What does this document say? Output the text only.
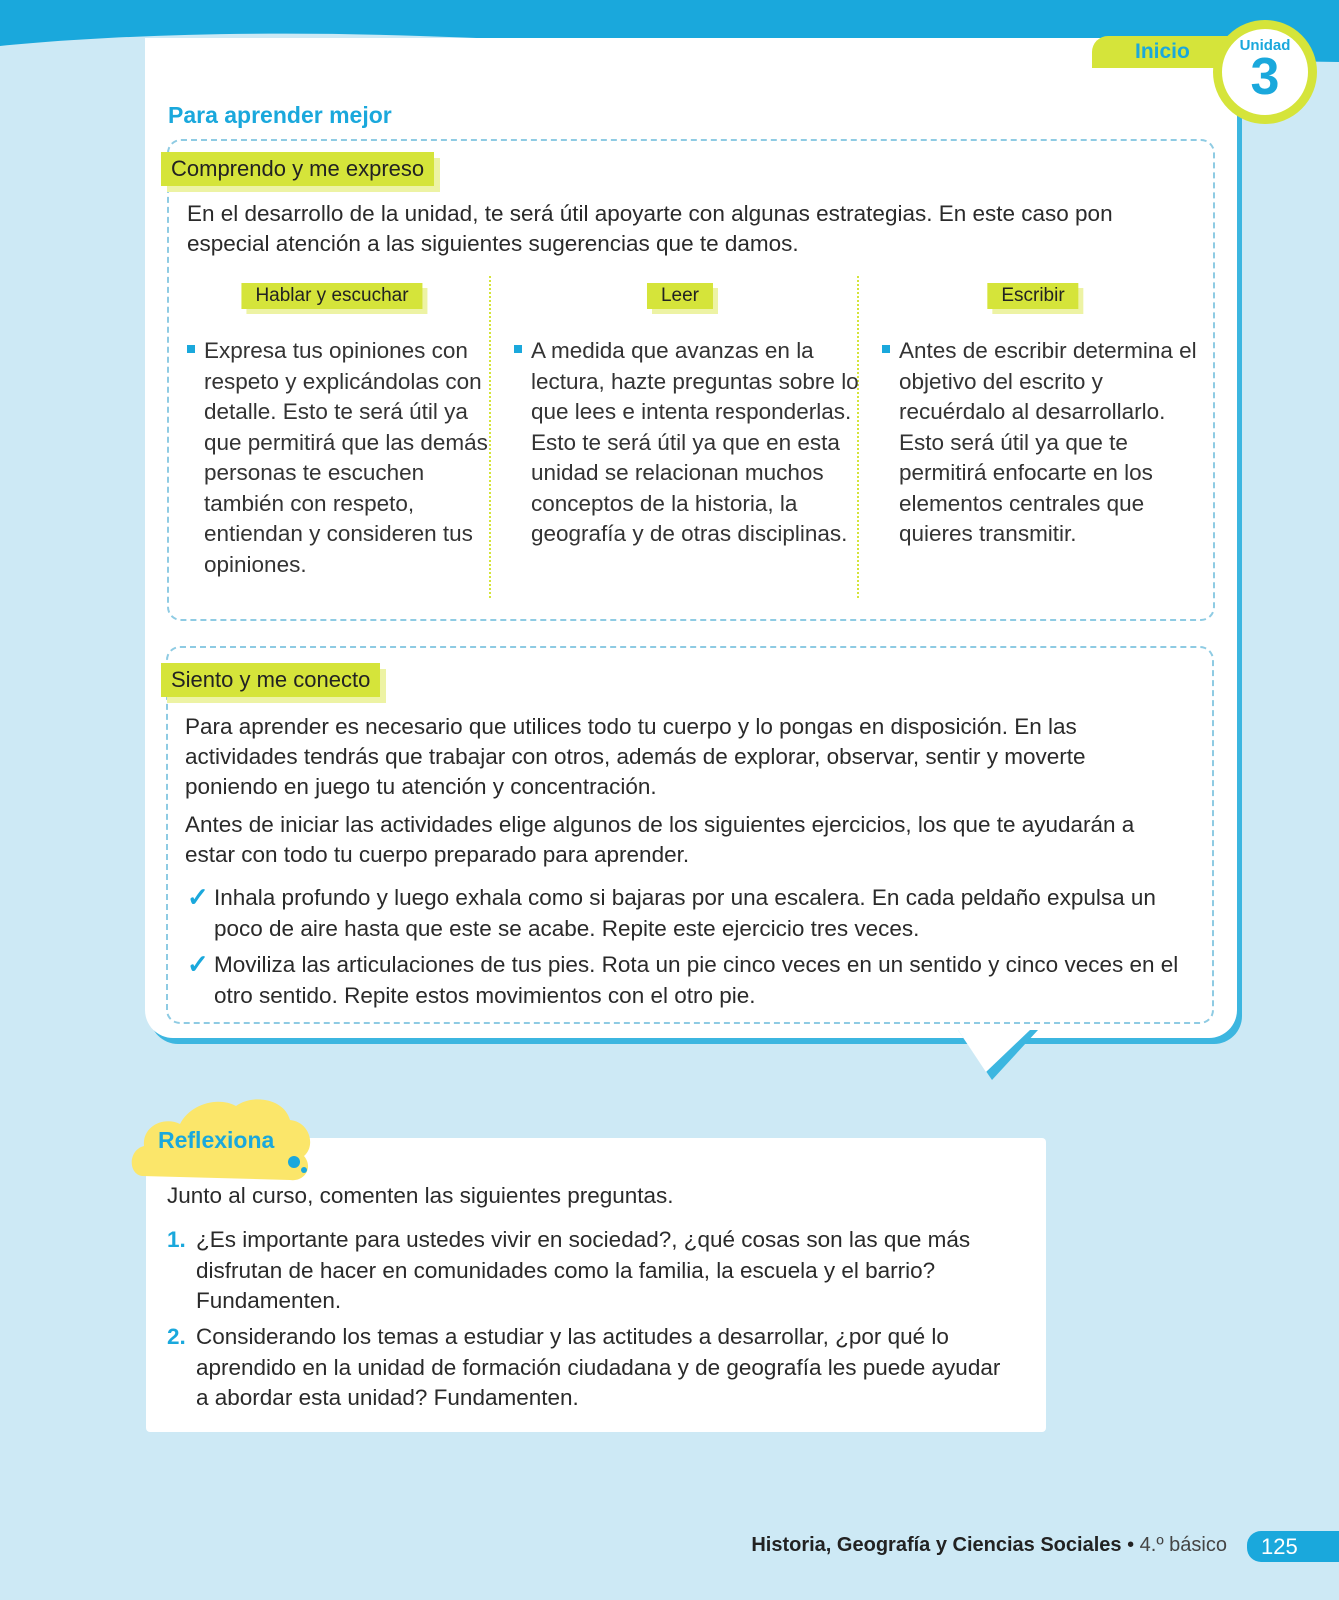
Inicio	Unidad
3
Para aprender mejor
Comprendo y me expreso

En el desarrollo de la unidad, te será útil apoyarte con algunas estrategias. En este caso pon especial atención a las siguientes sugerencias que te damos.

Hablar y escuchar	Leer	Escribir
Expresa tus opiniones con respeto y explicándolas con detalle. Esto te será útil ya que permitirá que las demás personas te escuchen también con respeto, entiendan y consideren tus opiniones.
A medida que avanzas en la lectura, hazte preguntas sobre lo que lees e intenta responderlas. Esto te será útil ya que en esta unidad se relacionan muchos conceptos de la historia, la geografía y de otras disciplinas.
Antes de escribir determina el objetivo del escrito y recuérdalo al desarrollarlo. Esto será útil ya que te permitirá enfocarte en los elementos centrales que quieres transmitir.
Siento y me conecto

Para aprender es necesario que utilices todo tu cuerpo y lo pongas en disposición. En las actividades tendrás que trabajar con otros, además de explorar, observar, sentir y moverte poniendo en juego tu atención y concentración.

Antes de iniciar las actividades elige algunos de los siguientes ejercicios, los que te ayudarán a estar con todo tu cuerpo preparado para aprender.

✓ Inhala profundo y luego exhala como si bajaras por una escalera. En cada peldaño expulsa un poco de aire hasta que este se acabe. Repite este ejercicio tres veces.
✓ Moviliza las articulaciones de tus pies. Rota un pie cinco veces en un sentido y cinco veces en el otro sentido. Repite estos movimientos con el otro pie.
Reflexiona

Junto al curso, comenten las siguientes preguntas.

1. ¿Es importante para ustedes vivir en sociedad?, ¿qué cosas son las que más disfrutan de hacer en comunidades como la familia, la escuela y el barrio? Fundamenten.
2. Considerando los temas a estudiar y las actitudes a desarrollar, ¿por qué lo aprendido en la unidad de formación ciudadana y de geografía les puede ayudar a abordar esta unidad? Fundamenten.
Historia, Geografía y Ciencias Sociales • 4.º básico	125
